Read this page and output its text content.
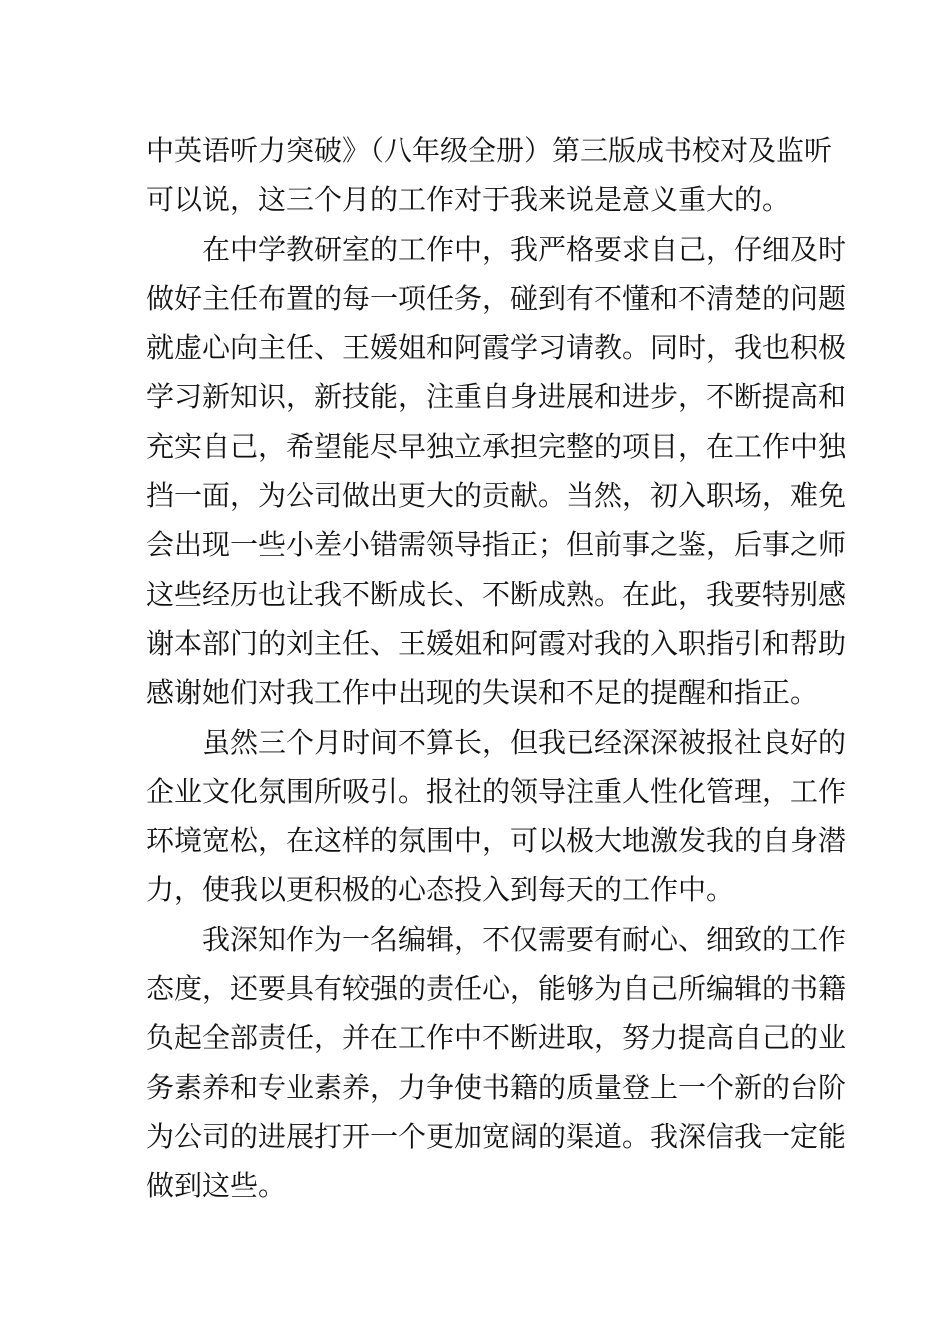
中英语听力突破》（八年级全册）第三版成书校对及监听
可以说，这三个月的工作对于我来说是意义重大的。
　　在中学教研室的工作中，我严格要求自己，仔细及时
做好主任布置的每一项任务，碰到有不懂和不清楚的问题
就虚心向主任、王媛姐和阿霞学习请教。同时，我也积极
学习新知识，新技能，注重自身进展和进步，不断提高和
充实自己，希望能尽早独立承担完整的项目，在工作中独
挡一面，为公司做出更大的贡献。当然，初入职场，难免
会出现一些小差小错需领导指正；但前事之鉴，后事之师
这些经历也让我不断成长、不断成熟。在此，我要特别感
谢本部门的刘主任、王媛姐和阿霞对我的入职指引和帮助
感谢她们对我工作中出现的失误和不足的提醒和指正。
　　虽然三个月时间不算长，但我已经深深被报社良好的
企业文化氛围所吸引。报社的领导注重人性化管理，工作
环境宽松，在这样的氛围中，可以极大地激发我的自身潜
力，使我以更积极的心态投入到每天的工作中。
　　我深知作为一名编辑，不仅需要有耐心、细致的工作
态度，还要具有较强的责任心，能够为自己所编辑的书籍
负起全部责任，并在工作中不断进取，努力提高自己的业
务素养和专业素养，力争使书籍的质量登上一个新的台阶
为公司的进展打开一个更加宽阔的渠道。我深信我一定能
做到这些。
